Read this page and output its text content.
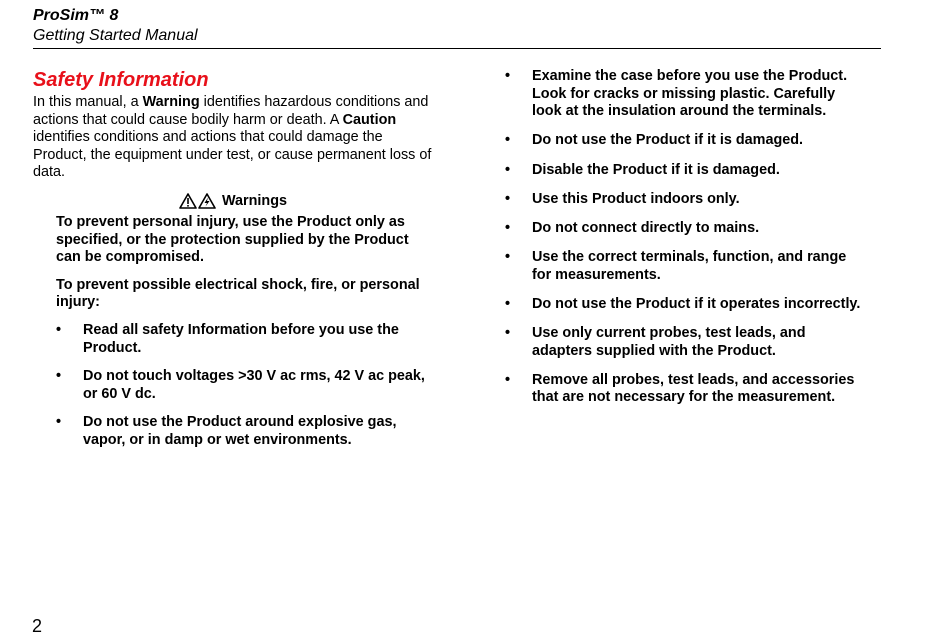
ProSim™ 8
Getting Started Manual
Safety Information

In this manual, a Warning identifies hazardous conditions and actions that could cause bodily harm or death. A Caution identifies conditions and actions that could damage the Product, the equipment under test, or cause permanent loss of data.

Warnings

To prevent personal injury, use the Product only as specified, or the protection supplied by the Product can be compromised.

To prevent possible electrical shock, fire, or personal injury:

• Read all safety Information before you use the Product.
• Do not touch voltages >30 V ac rms, 42 V ac peak, or 60 V dc.
• Do not use the Product around explosive gas, vapor, or in damp or wet environments.
• Examine the case before you use the Product. Look for cracks or missing plastic. Carefully look at the insulation around the terminals.
• Do not use the Product if it is damaged.
• Disable the Product if it is damaged.
• Use this Product indoors only.
• Do not connect directly to mains.
• Use the correct terminals, function, and range for measurements.
• Do not use the Product if it operates incorrectly.
• Use only current probes, test leads, and adapters supplied with the Product.
• Remove all probes, test leads, and accessories that are not necessary for the measurement.
2
